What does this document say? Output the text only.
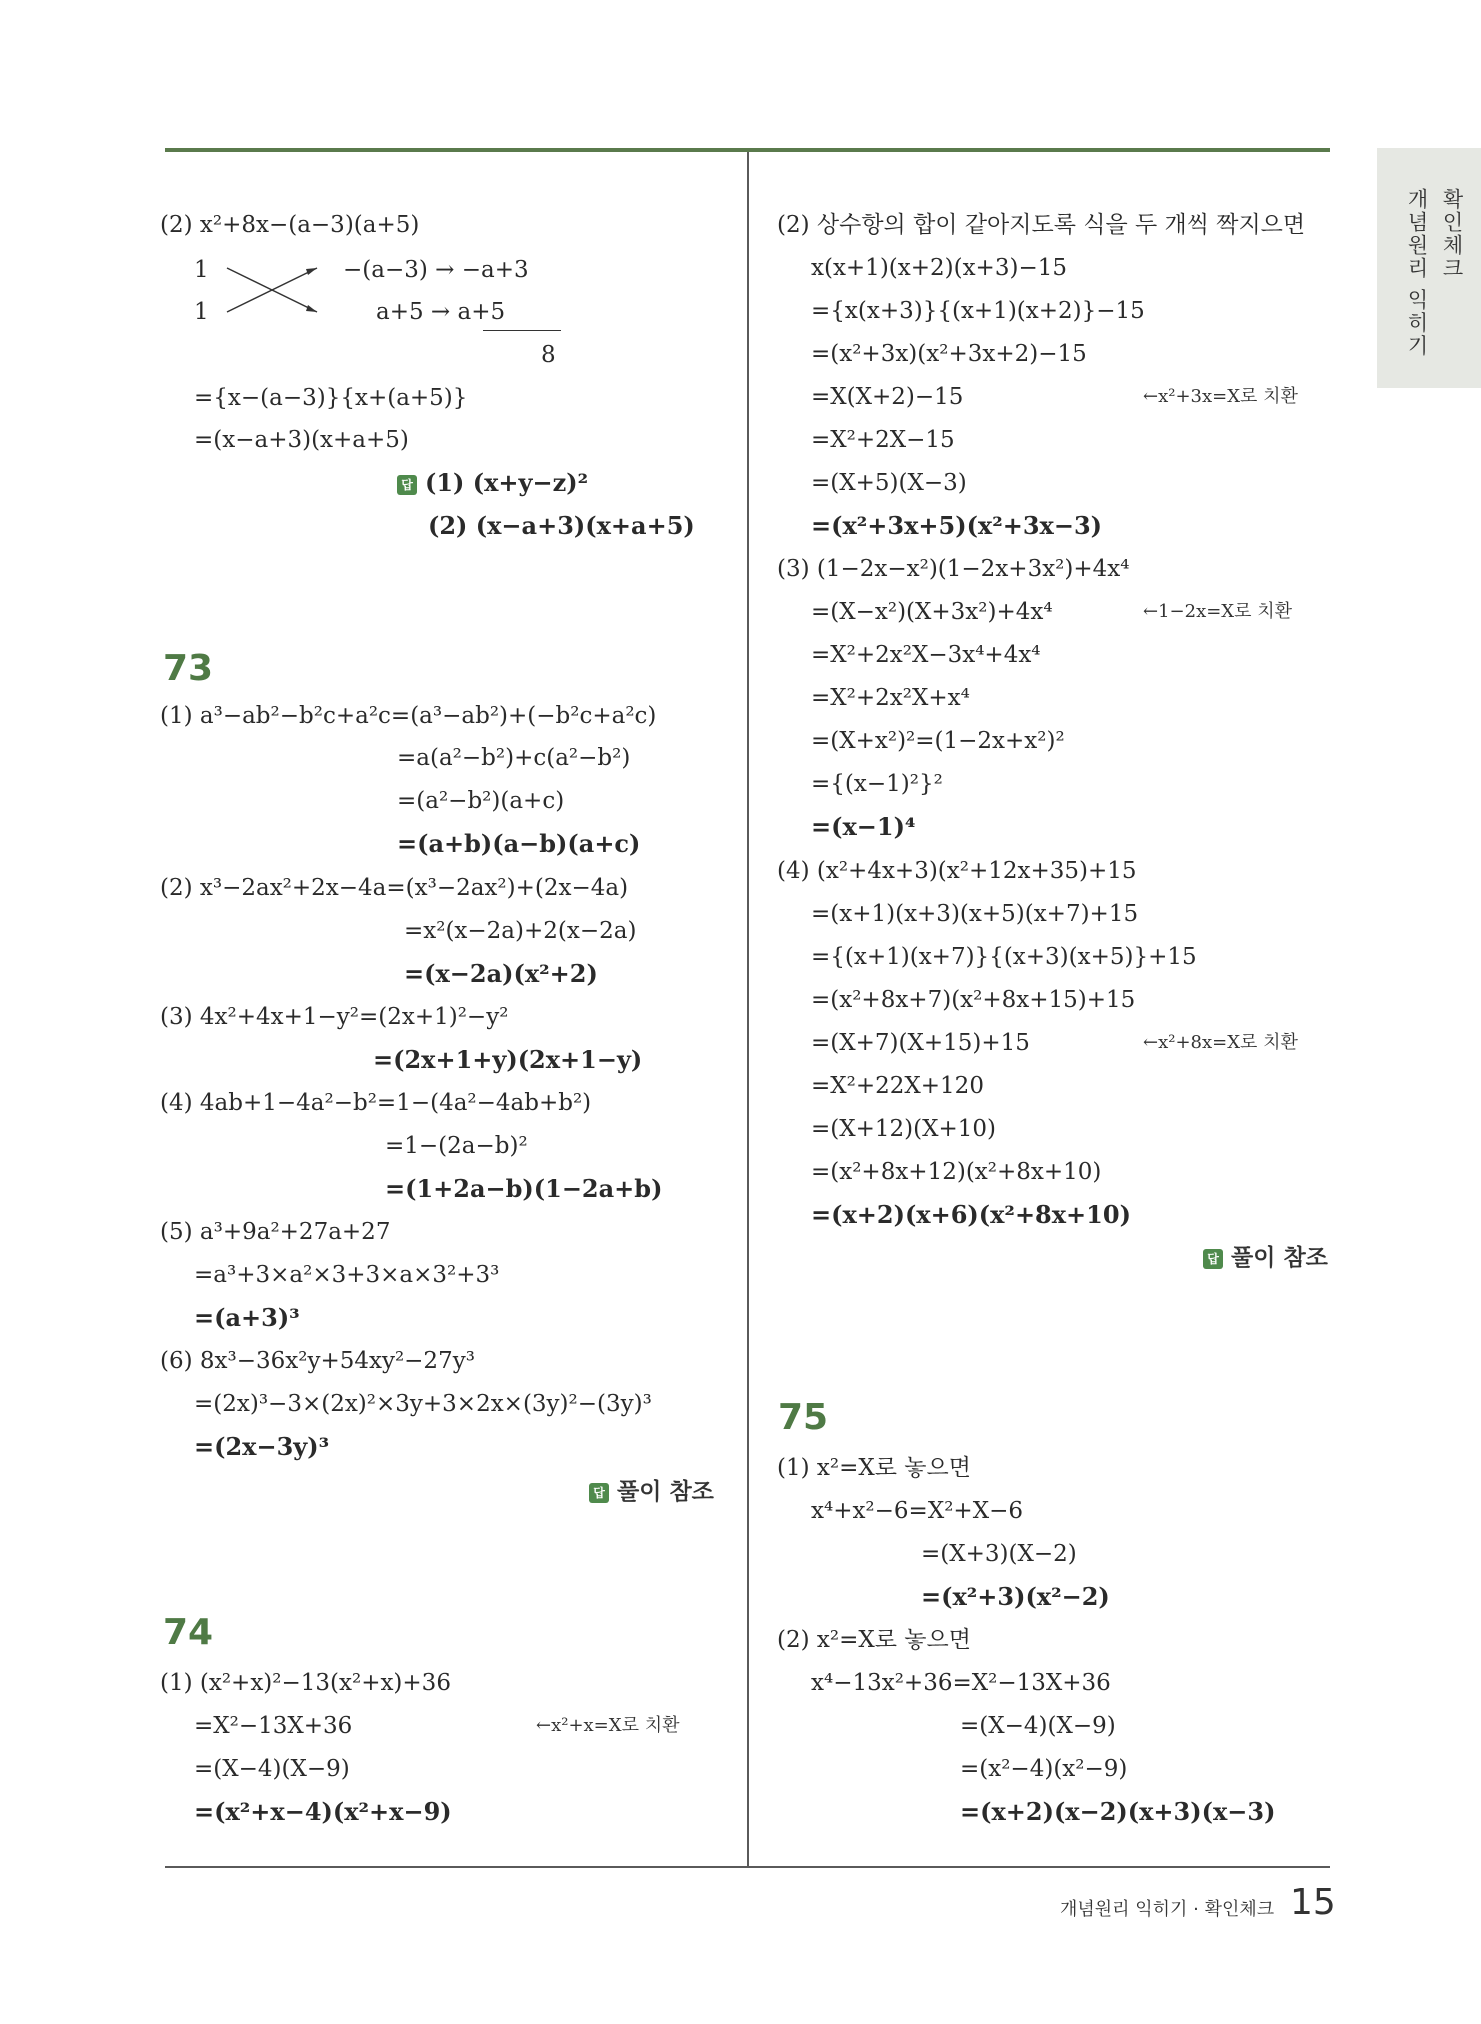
확인체크
개념원리 익히기
(2) x²+8x−(a−3)(a+5)
1
1
−(a−3) → −a+3
a+5 → a+5
8
={x−(a−3)}{x+(a+5)}
=(x−a+3)(x+a+5)
답 (1) (x+y−z)²
(2) (x−a+3)(x+a+5)
73
(1) a³−ab²−b²c+a²c=(a³−ab²)+(−b²c+a²c)
=a(a²−b²)+c(a²−b²)
=(a²−b²)(a+c)
=(a+b)(a−b)(a+c)
(2) x³−2ax²+2x−4a=(x³−2ax²)+(2x−4a)
=x²(x−2a)+2(x−2a)
=(x−2a)(x²+2)
(3) 4x²+4x+1−y²=(2x+1)²−y²
=(2x+1+y)(2x+1−y)
(4) 4ab+1−4a²−b²=1−(4a²−4ab+b²)
=1−(2a−b)²
=(1+2a−b)(1−2a+b)
(5) a³+9a²+27a+27
=a³+3×a²×3+3×a×3²+3³
=(a+3)³
(6) 8x³−36x²y+54xy²−27y³
=(2x)³−3×(2x)²×3y+3×2x×(3y)²−(3y)³
=(2x−3y)³
답 풀이 참조
74
(1) (x²+x)²−13(x²+x)+36
=X²−13X+36	←x²+x=X로 치환
=(X−4)(X−9)
=(x²+x−4)(x²+x−9)
(2) 상수항의 합이 같아지도록 식을 두 개씩 짝지으면
x(x+1)(x+2)(x+3)−15
={x(x+3)}{(x+1)(x+2)}−15
=(x²+3x)(x²+3x+2)−15
=X(X+2)−15	←x²+3x=X로 치환
=X²+2X−15
=(X+5)(X−3)
=(x²+3x+5)(x²+3x−3)
(3) (1−2x−x²)(1−2x+3x²)+4x⁴
=(X−x²)(X+3x²)+4x⁴	←1−2x=X로 치환
=X²+2x²X−3x⁴+4x⁴
=X²+2x²X+x⁴
=(X+x²)²=(1−2x+x²)²
={(x−1)²}²
=(x−1)⁴
(4) (x²+4x+3)(x²+12x+35)+15
=(x+1)(x+3)(x+5)(x+7)+15
={(x+1)(x+7)}{(x+3)(x+5)}+15
=(x²+8x+7)(x²+8x+15)+15
=(X+7)(X+15)+15	←x²+8x=X로 치환
=X²+22X+120
=(X+12)(X+10)
=(x²+8x+12)(x²+8x+10)
=(x+2)(x+6)(x²+8x+10)
답 풀이 참조
75
(1) x²=X로 놓으면
x⁴+x²−6=X²+X−6
=(X+3)(X−2)
=(x²+3)(x²−2)
(2) x²=X로 놓으면
x⁴−13x²+36=X²−13X+36
=(X−4)(X−9)
=(x²−4)(x²−9)
=(x+2)(x−2)(x+3)(x−3)
개념원리 익히기 · 확인체크 15
